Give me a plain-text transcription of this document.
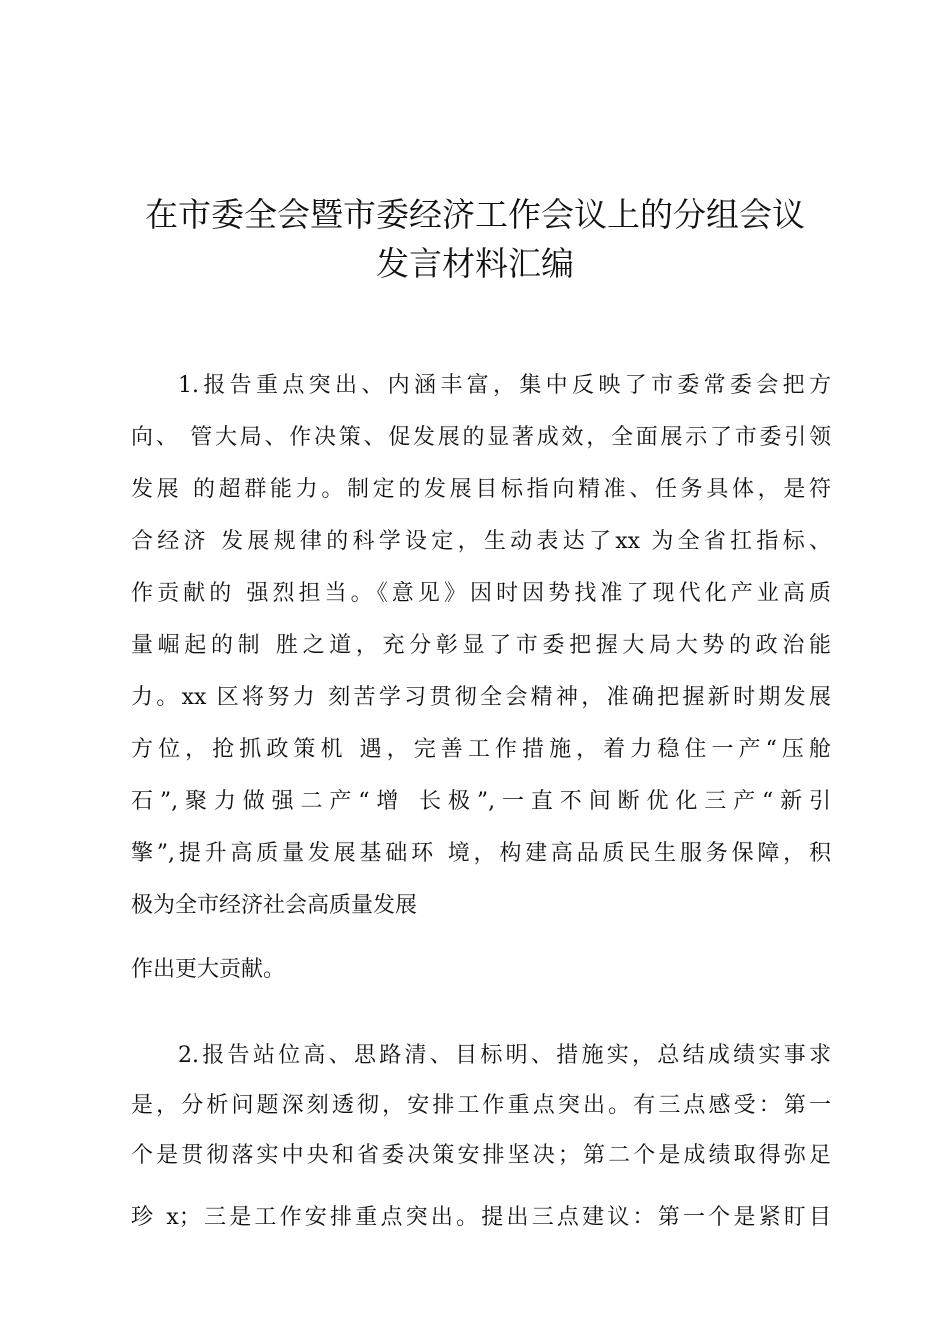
在市委全会暨市委经济工作会议上的分组会议
发言材料汇编
1.报告重点突出、内涵丰富，集中反映了市委常委会把方
向、 管大局、作决策、促发展的显著成效，全面展示了市委引领
发展 的超群能力。制定的发展目标指向精准、任务具体，是符
合经济 发展规律的科学设定，生动表达了xx 为全省扛指标、
作贡献的 强烈担当。《意见》因时因势找准了现代化产业高质
量崛起的制 胜之道，充分彰显了市委把握大局大势的政治能
力。xx 区将努力 刻苦学习贯彻全会精神，准确把握新时期发展
方位，抢抓政策机 遇，完善工作措施，着力稳住一产“压舱
石”,聚力做强二产“增 长极”,一直不间断优化三产“新引
擎”,提升高质量发展基础环 境，构建高品质民生服务保障，积
极为全市经济社会高质量发展
作出更大贡献。
2.报告站位高、思路清、目标明、措施实，总结成绩实事求
是，分析问题深刻透彻，安排工作重点突出。有三点感受：第一
个是贯彻落实中央和省委决策安排坚决；第二个是成绩取得弥足
珍 x；三是工作安排重点突出。提出三点建议：第一个是紧盯目
